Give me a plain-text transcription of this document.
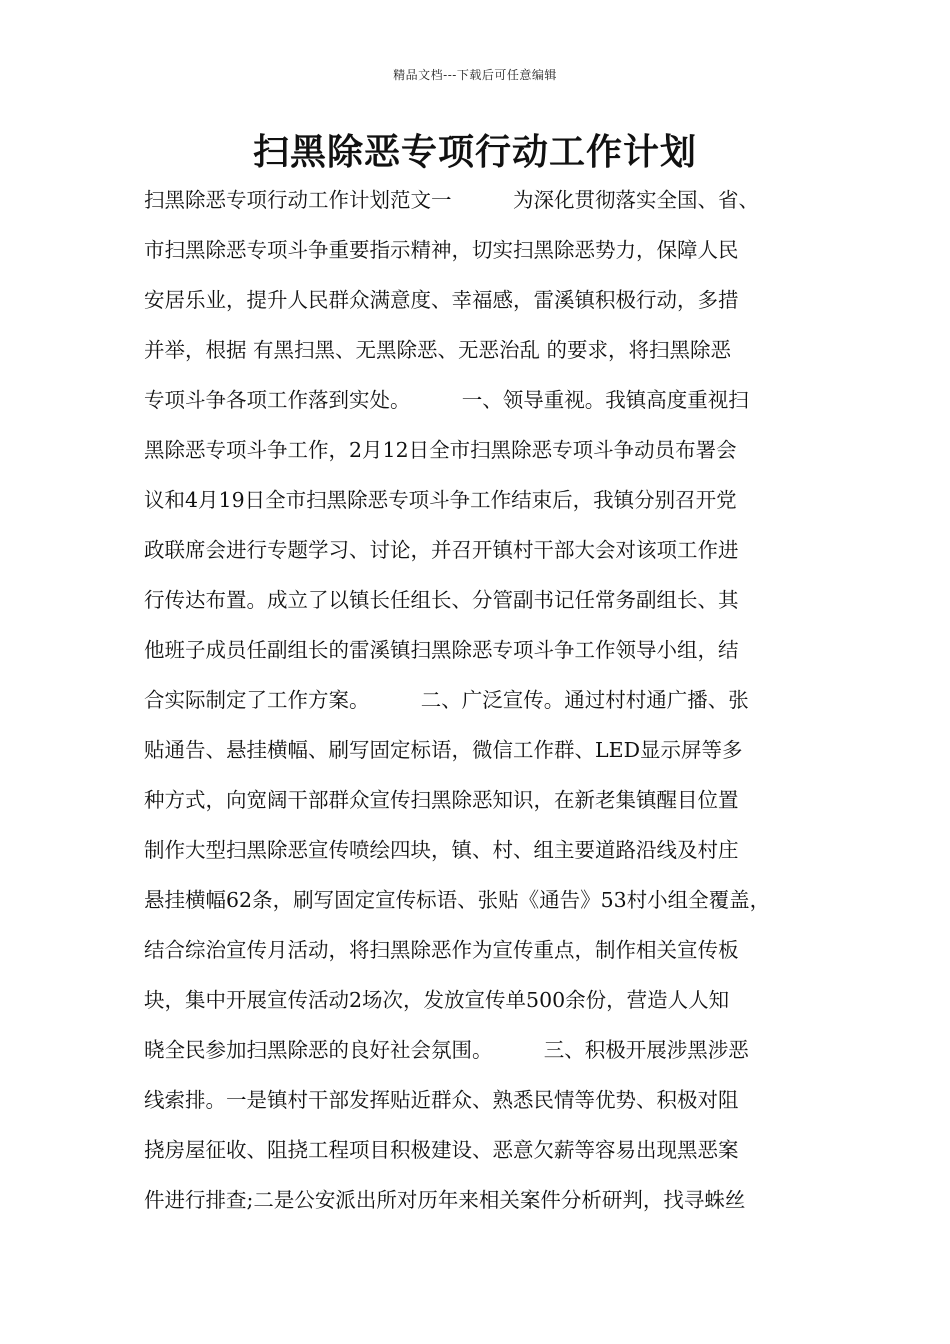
精品文档---下载后可任意编辑
扫黑除恶专项行动工作计划
扫黑除恶专项行动工作计划范文一　　　为深化贯彻落实全国、省、
市扫黑除恶专项斗争重要指示精神，切实扫黑除恶势力，保障人民
安居乐业，提升人民群众满意度、幸福感，雷溪镇积极行动，多措
并举，根据 有黑扫黑、无黑除恶、无恶治乱 的要求，将扫黑除恶
专项斗争各项工作落到实处。　　　一、领导重视。我镇高度重视扫
黑除恶专项斗争工作，2月12日全市扫黑除恶专项斗争动员布署会
议和4月19日全市扫黑除恶专项斗争工作结束后，我镇分别召开党
政联席会进行专题学习、讨论，并召开镇村干部大会对该项工作进
行传达布置。成立了以镇长任组长、分管副书记任常务副组长、其
他班子成员任副组长的雷溪镇扫黑除恶专项斗争工作领导小组，结
合实际制定了工作方案。　　　二、广泛宣传。通过村村通广播、张
贴通告、悬挂横幅、刷写固定标语，微信工作群、LED显示屏等多
种方式，向宽阔干部群众宣传扫黑除恶知识，在新老集镇醒目位置
制作大型扫黑除恶宣传喷绘四块，镇、村、组主要道路沿线及村庄
悬挂横幅62条，刷写固定宣传标语、张贴《通告》53村小组全覆盖，
结合综治宣传月活动，将扫黑除恶作为宣传重点，制作相关宣传板
块，集中开展宣传活动2场次，发放宣传单500余份，营造人人知
晓全民参加扫黑除恶的良好社会氛围。　　　三、积极开展涉黑涉恶
线索排。一是镇村干部发挥贴近群众、熟悉民情等优势、积极对阻
挠房屋征收、阻挠工程项目积极建设、恶意欠薪等容易出现黑恶案
件进行排查;二是公安派出所对历年来相关案件分析研判，找寻蛛丝
